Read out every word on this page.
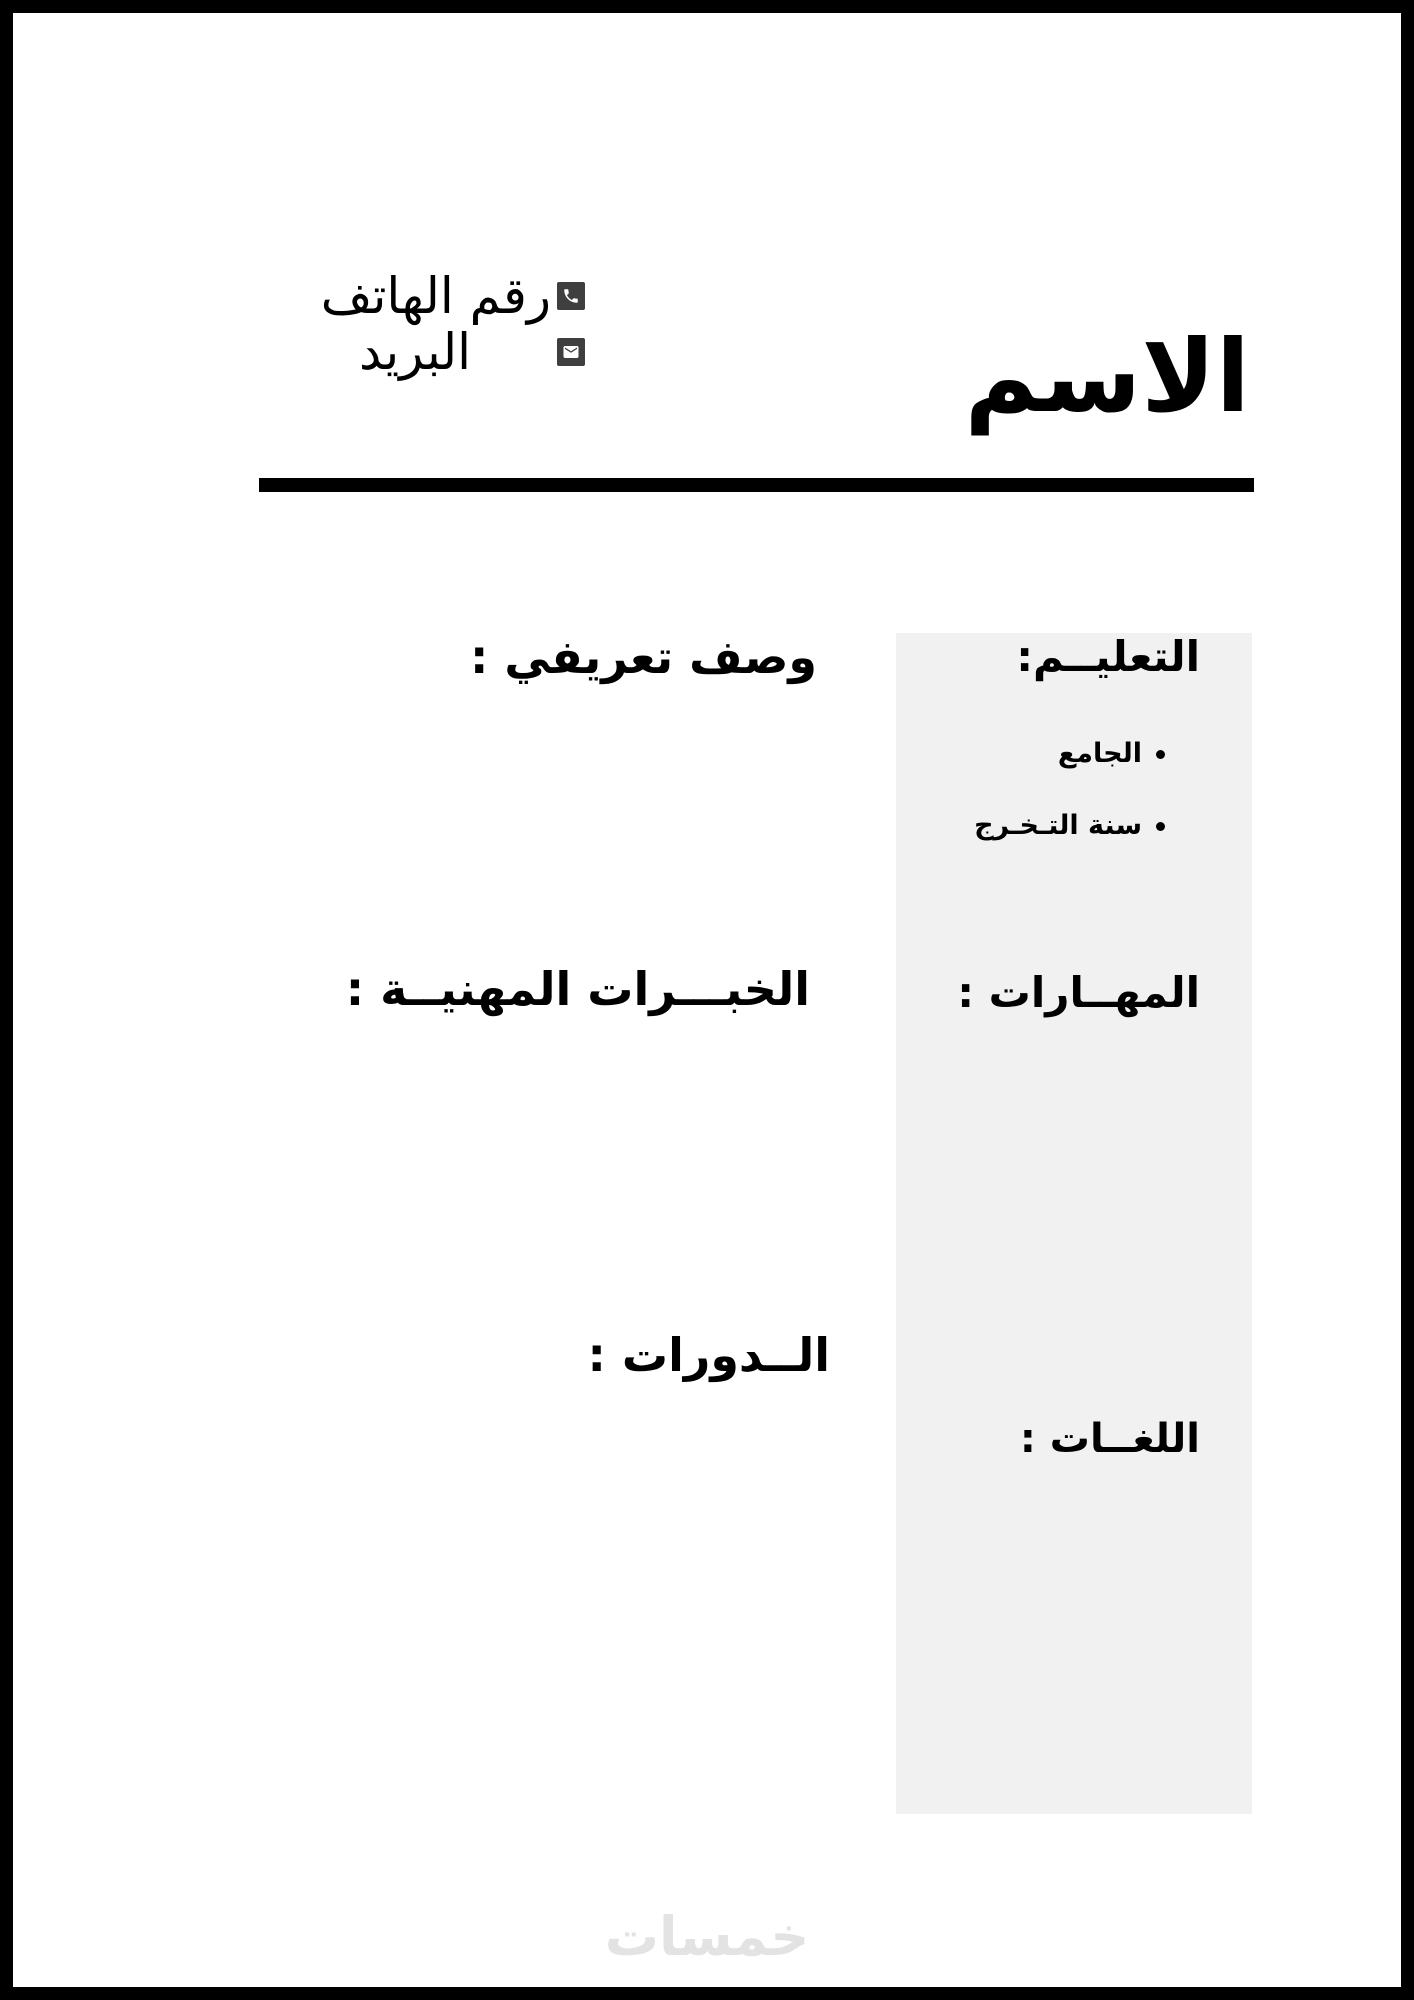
الاسم
رقم الهاتف
البريد
التعليــم:
الجامع
سنة التـخـرج
المهــارات :
اللغــات :
وصف تعريفي :
الخبـــرات المهنيــة :
الــدورات :
خمسات
